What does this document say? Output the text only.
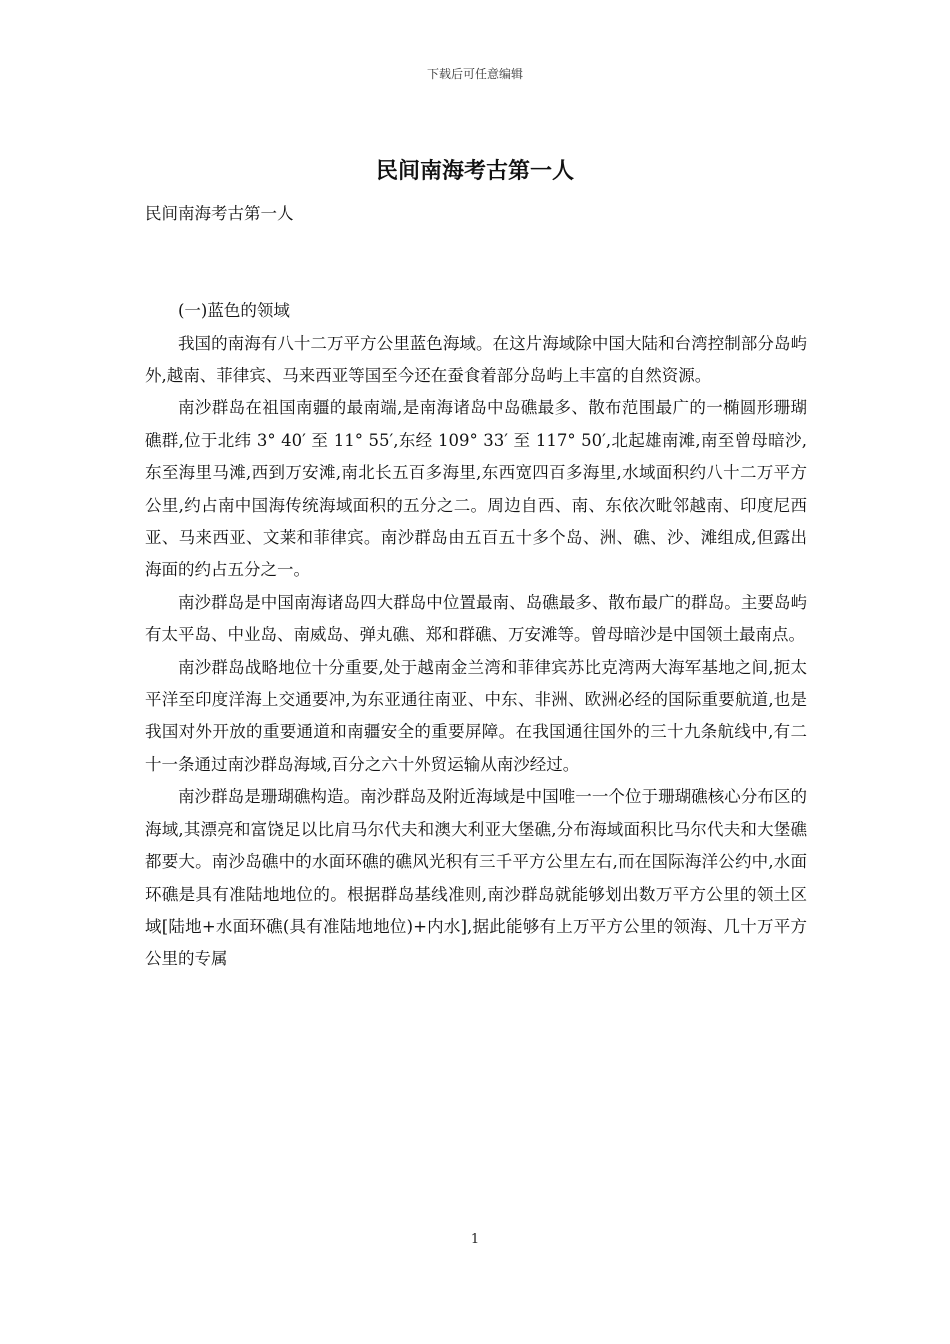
下载后可任意编辑
民间南海考古第一人

民间南海考古第一人

(一)蓝色的领域

我国的南海有八十二万平方公里蓝色海域。在这片海域除中国大陆和台湾控制部分岛屿外,越南、菲律宾、马来西亚等国至今还在蚕食着部分岛屿上丰富的自然资源。

南沙群岛在祖国南疆的最南端,是南海诸岛中岛礁最多、散布范围最广的一椭圆形珊瑚礁群,位于北纬 3° 40′ 至 11° 55′,东经 109° 33′ 至 117° 50′,北起雄南滩,南至曾母暗沙,东至海里马滩,西到万安滩,南北长五百多海里,东西宽四百多海里,水域面积约八十二万平方公里,约占南中国海传统海域面积的五分之二。周边自西、南、东依次毗邻越南、印度尼西亚、马来西亚、文莱和菲律宾。南沙群岛由五百五十多个岛、洲、礁、沙、滩组成,但露出海面的约占五分之一。

南沙群岛是中国南海诸岛四大群岛中位置最南、岛礁最多、散布最广的群岛。主要岛屿有太平岛、中业岛、南威岛、弹丸礁、郑和群礁、万安滩等。曾母暗沙是中国领土最南点。

南沙群岛战略地位十分重要,处于越南金兰湾和菲律宾苏比克湾两大海军基地之间,扼太平洋至印度洋海上交通要冲,为东亚通往南亚、中东、非洲、欧洲必经的国际重要航道,也是我国对外开放的重要通道和南疆安全的重要屏障。在我国通往国外的三十九条航线中,有二十一条通过南沙群岛海域,百分之六十外贸运输从南沙经过。

南沙群岛是珊瑚礁构造。南沙群岛及附近海域是中国唯一一个位于珊瑚礁核心分布区的海域,其漂亮和富饶足以比肩马尔代夫和澳大利亚大堡礁,分布海域面积比马尔代夫和大堡礁都要大。南沙岛礁中的水面环礁的礁风光积有三千平方公里左右,而在国际海洋公约中,水面环礁是具有准陆地地位的。根据群岛基线准则,南沙群岛就能够划出数万平方公里的领土区域[陆地+水面环礁(具有准陆地地位)+内水],据此能够有上万平方公里的领海、几十万平方公里的专属

1
